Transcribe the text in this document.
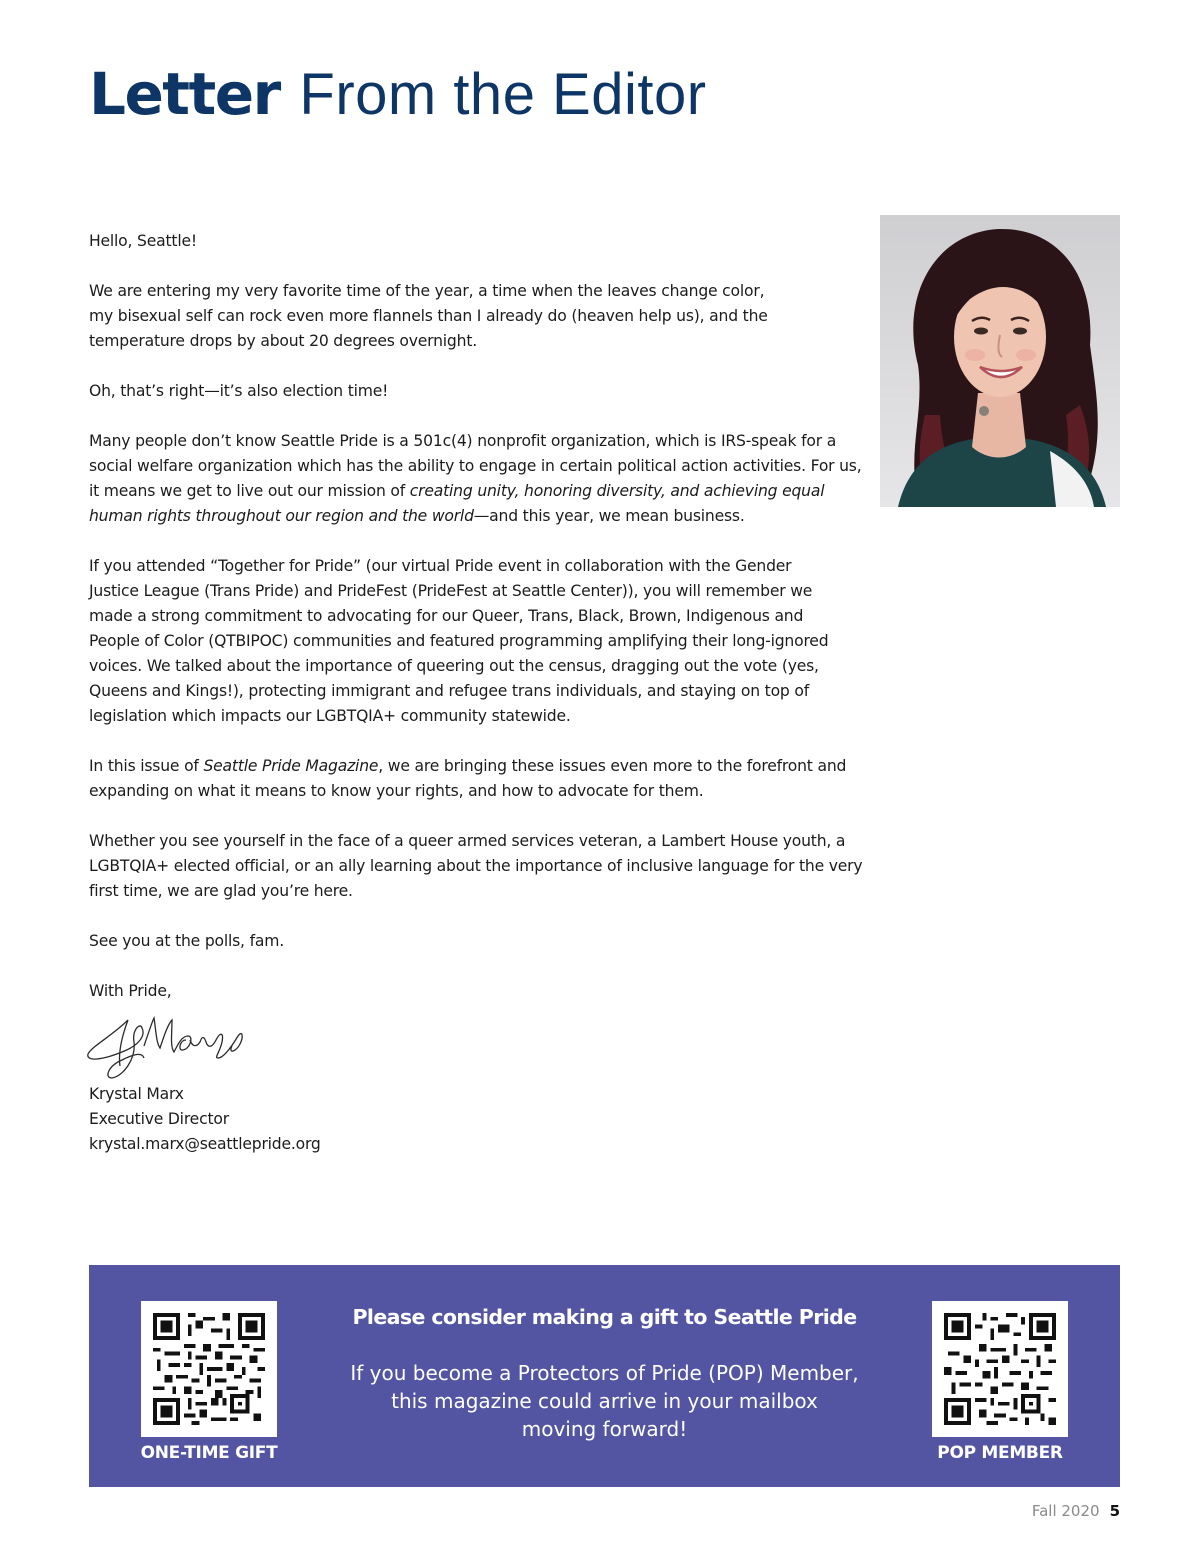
Letter From the Editor

Hello, Seattle!

We are entering my very favorite time of the year, a time when the leaves change color, my bisexual self can rock even more flannels than I already do (heaven help us), and the temperature drops by about 20 degrees overnight.

Oh, that’s right—it’s also election time!

Many people don’t know Seattle Pride is a 501c(4) nonprofit organization, which is IRS-speak for a social welfare organization which has the ability to engage in certain political action activities. For us, it means we get to live out our mission of creating unity, honoring diversity, and achieving equal human rights throughout our region and the world—and this year, we mean business.

If you attended “Together for Pride” (our virtual Pride event in collaboration with the Gender Justice League (Trans Pride) and PrideFest (PrideFest at Seattle Center)), you will remember we made a strong commitment to advocating for our Queer, Trans, Black, Brown, Indigenous and People of Color (QTBIPOC) communities and featured programming amplifying their long-ignored voices. We talked about the importance of queering out the census, dragging out the vote (yes, Queens and Kings!), protecting immigrant and refugee trans individuals, and staying on top of legislation which impacts our LGBTQIA+ community statewide.

In this issue of Seattle Pride Magazine, we are bringing these issues even more to the forefront and expanding on what it means to know your rights, and how to advocate for them.

Whether you see yourself in the face of a queer armed services veteran, a Lambert House youth, a LGBTQIA+ elected official, or an ally learning about the importance of inclusive language for the very first time, we are glad you’re here.

See you at the polls, fam.

With Pride,

Krystal Marx
Executive Director
krystal.marx@seattlepride.org
ONE-TIME GIFT
Please consider making a gift to Seattle Pride
If you become a Protectors of Pride (POP) Member,
this magazine could arrive in your mailbox
moving forward!
POP MEMBER
Fall 2020 5
